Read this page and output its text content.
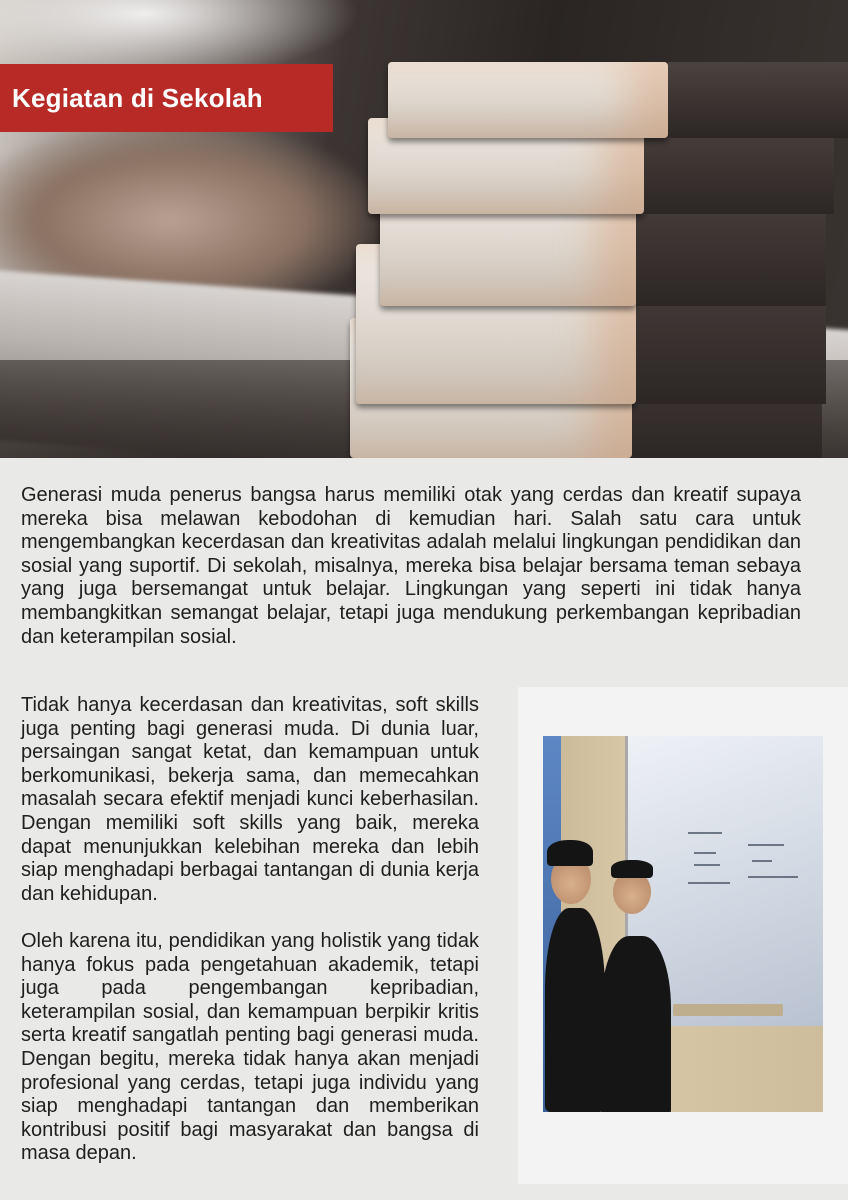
Kegiatan di Sekolah

Generasi muda penerus bangsa harus memiliki otak yang cerdas dan kreatif supaya mereka bisa melawan kebodohan di kemudian hari. Salah satu cara untuk mengembangkan kecerdasan dan kreativitas adalah melalui lingkungan pendidikan dan sosial yang suportif. Di sekolah, misalnya, mereka bisa belajar bersama teman sebaya yang juga bersemangat untuk belajar. Lingkungan yang seperti ini tidak hanya membangkitkan semangat belajar, tetapi juga mendukung perkembangan kepribadian dan keterampilan sosial.

Tidak hanya kecerdasan dan kreativitas, soft skills juga penting bagi generasi muda. Di dunia luar, persaingan sangat ketat, dan kemampuan untuk berkomunikasi, bekerja sama, dan memecahkan masalah secara efektif menjadi kunci keberhasilan. Dengan memiliki soft skills yang baik, mereka dapat menunjukkan kelebihan mereka dan lebih siap menghadapi berbagai tantangan di dunia kerja dan kehidupan.

Oleh karena itu, pendidikan yang holistik yang tidak hanya fokus pada pengetahuan akademik, tetapi juga pada pengembangan kepribadian, keterampilan sosial, dan kemampuan berpikir kritis serta kreatif sangatlah penting bagi generasi muda. Dengan begitu, mereka tidak hanya akan menjadi profesional yang cerdas, tetapi juga individu yang siap menghadapi tantangan dan memberikan kontribusi positif bagi masyarakat dan bangsa di masa depan.
